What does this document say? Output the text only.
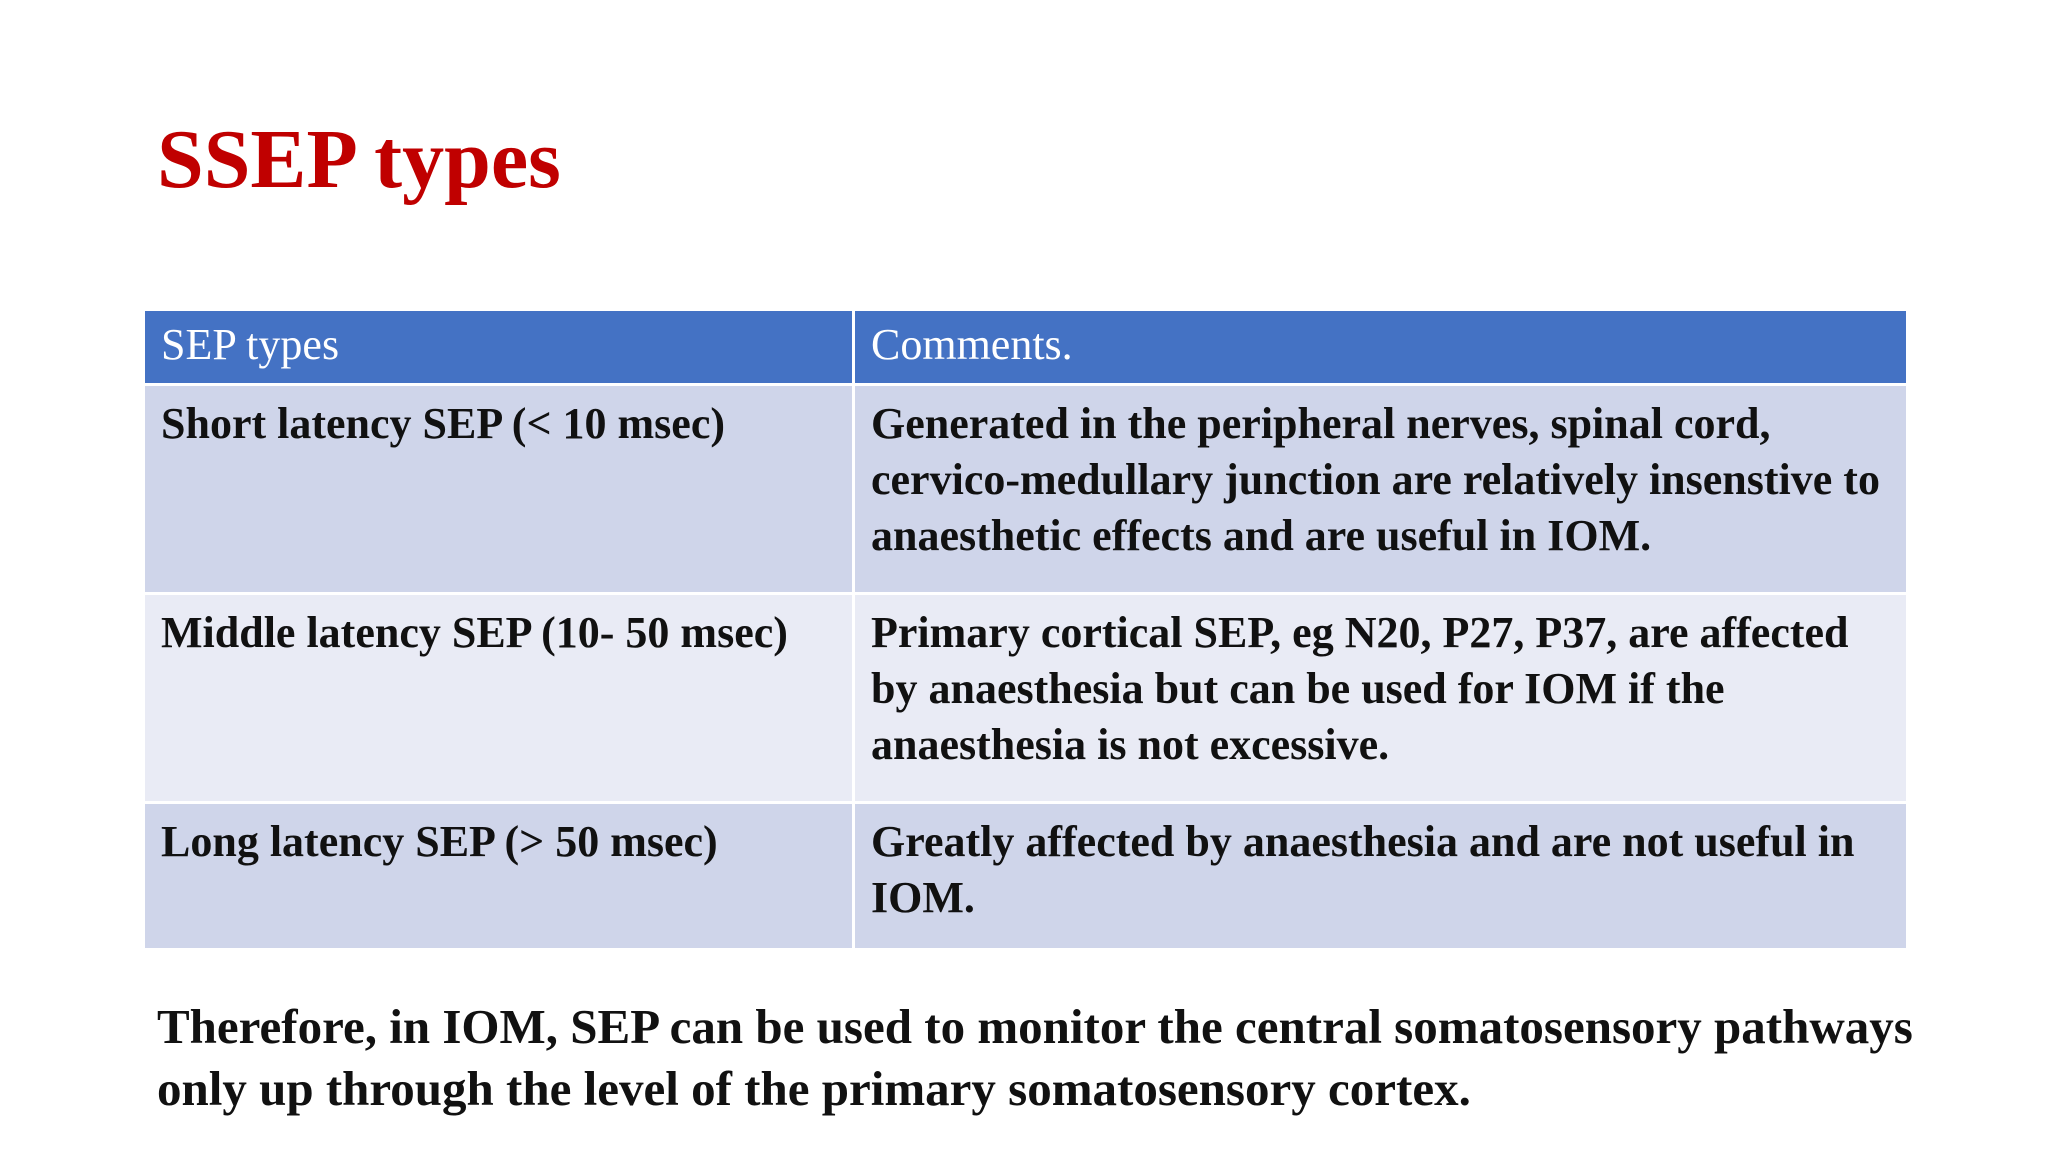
SSEP types
SEP types	Comments.
Short latency SEP (< 10 msec)	Generated in the peripheral nerves, spinal cord, cervico-medullary junction are relatively insenstive to anaesthetic effects and are useful in IOM.
Middle latency SEP (10- 50 msec)	Primary cortical SEP, eg N20, P27, P37, are affected by anaesthesia but can be used for IOM if the anaesthesia is not excessive.
Long latency SEP (> 50 msec)	Greatly affected by anaesthesia and are not useful in IOM.

Therefore, in IOM, SEP can be used to monitor the central somatosensory pathways only up through the level of the primary somatosensory cortex.
